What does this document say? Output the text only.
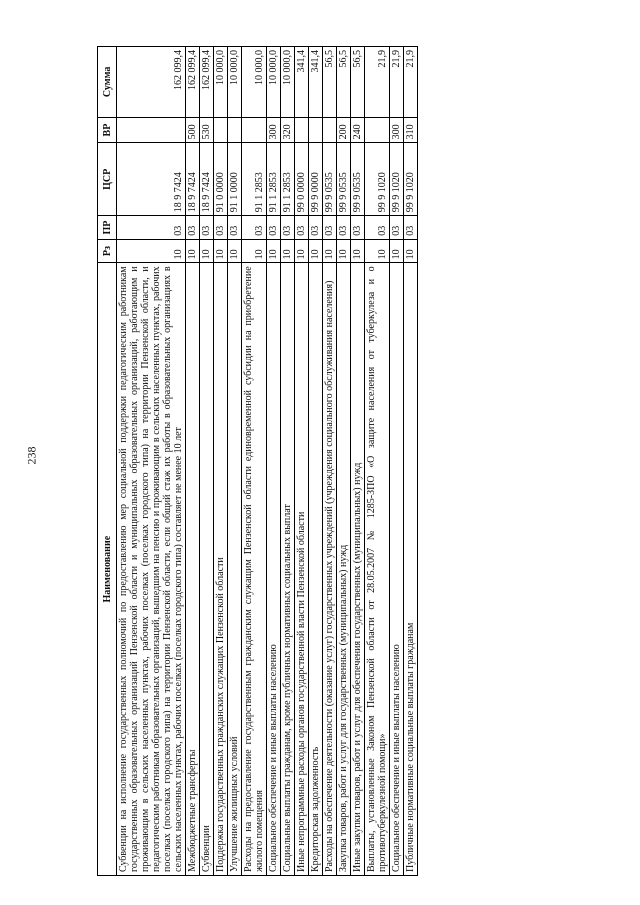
238
Наименование	Рз	ПР	ЦСР	ВР	Сумма
Субвенции на исполнение государственных полномочий по предоставлению мер социальной поддержки педагогическим работникам государственных образовательных организаций Пензенской области и муниципальных образовательных организаций, работающим и проживающим в сельских населенных пунктах, рабочих поселках (поселках городского типа) на территории Пензенской области, и педагогическим работникам образовательных организаций, вышедшим на пенсию и проживающим в сельских населенных пунктах, рабочих поселках (поселках городского типа) на территории Пензенской области, если общий стаж их работы в образовательных организациях в сельских населенных пунктах, рабочих поселках (поселках городского типа) составляет не менее 10 лет	10	03	18 9 7424		162 099,4
Межбюджетные трансферты	10	03	18 9 7424	500	162 099,4
Субвенции	10	03	18 9 7424	530	162 099,4
Поддержка государственных гражданских служащих Пензенской области	10	03	91 0 0000		10 000,0
Улучшение жилищных условий	10	03	91 1 0000		10 000,0
Расходы на предоставление государственным гражданским служащим Пензенской области единовременной субсидии на приобретение жилого помещения	10	03	91 1 2853		10 000,0
Социальное обеспечение и иные выплаты населению	10	03	91 1 2853	300	10 000,0
Социальные выплаты гражданам, кроме публичных нормативных социальных выплат	10	03	91 1 2853	320	10 000,0
Иные непрограммные расходы органов государственной власти Пензенской области	10	03	99 0 0000		341,4
Кредиторская задолженность	10	03	99 9 0000		341,4
Расходы на обеспечение деятельности (оказание услуг) государственных учреждений (учреждения социального обслуживания населения)	10	03	99 9 0535		56,5
Закупка товаров, работ и услуг для государственных (муниципальных) нужд	10	03	99 9 0535	200	56,5
Иные закупки товаров, работ и услуг для обеспечения государственных (муниципальных) нужд	10	03	99 9 0535	240	56,5
Выплаты, установленные Законом Пензенской области от 28.05.2007 № 1285-ЗПО «О защите населения от туберкулеза и о противотуберкулезной помощи»	10	03	99 9 1020		21,9
Социальное обеспечение и иные выплаты населению	10	03	99 9 1020	300	21,9
Публичные нормативные социальные выплаты гражданам	10	03	99 9 1020	310	21,9
